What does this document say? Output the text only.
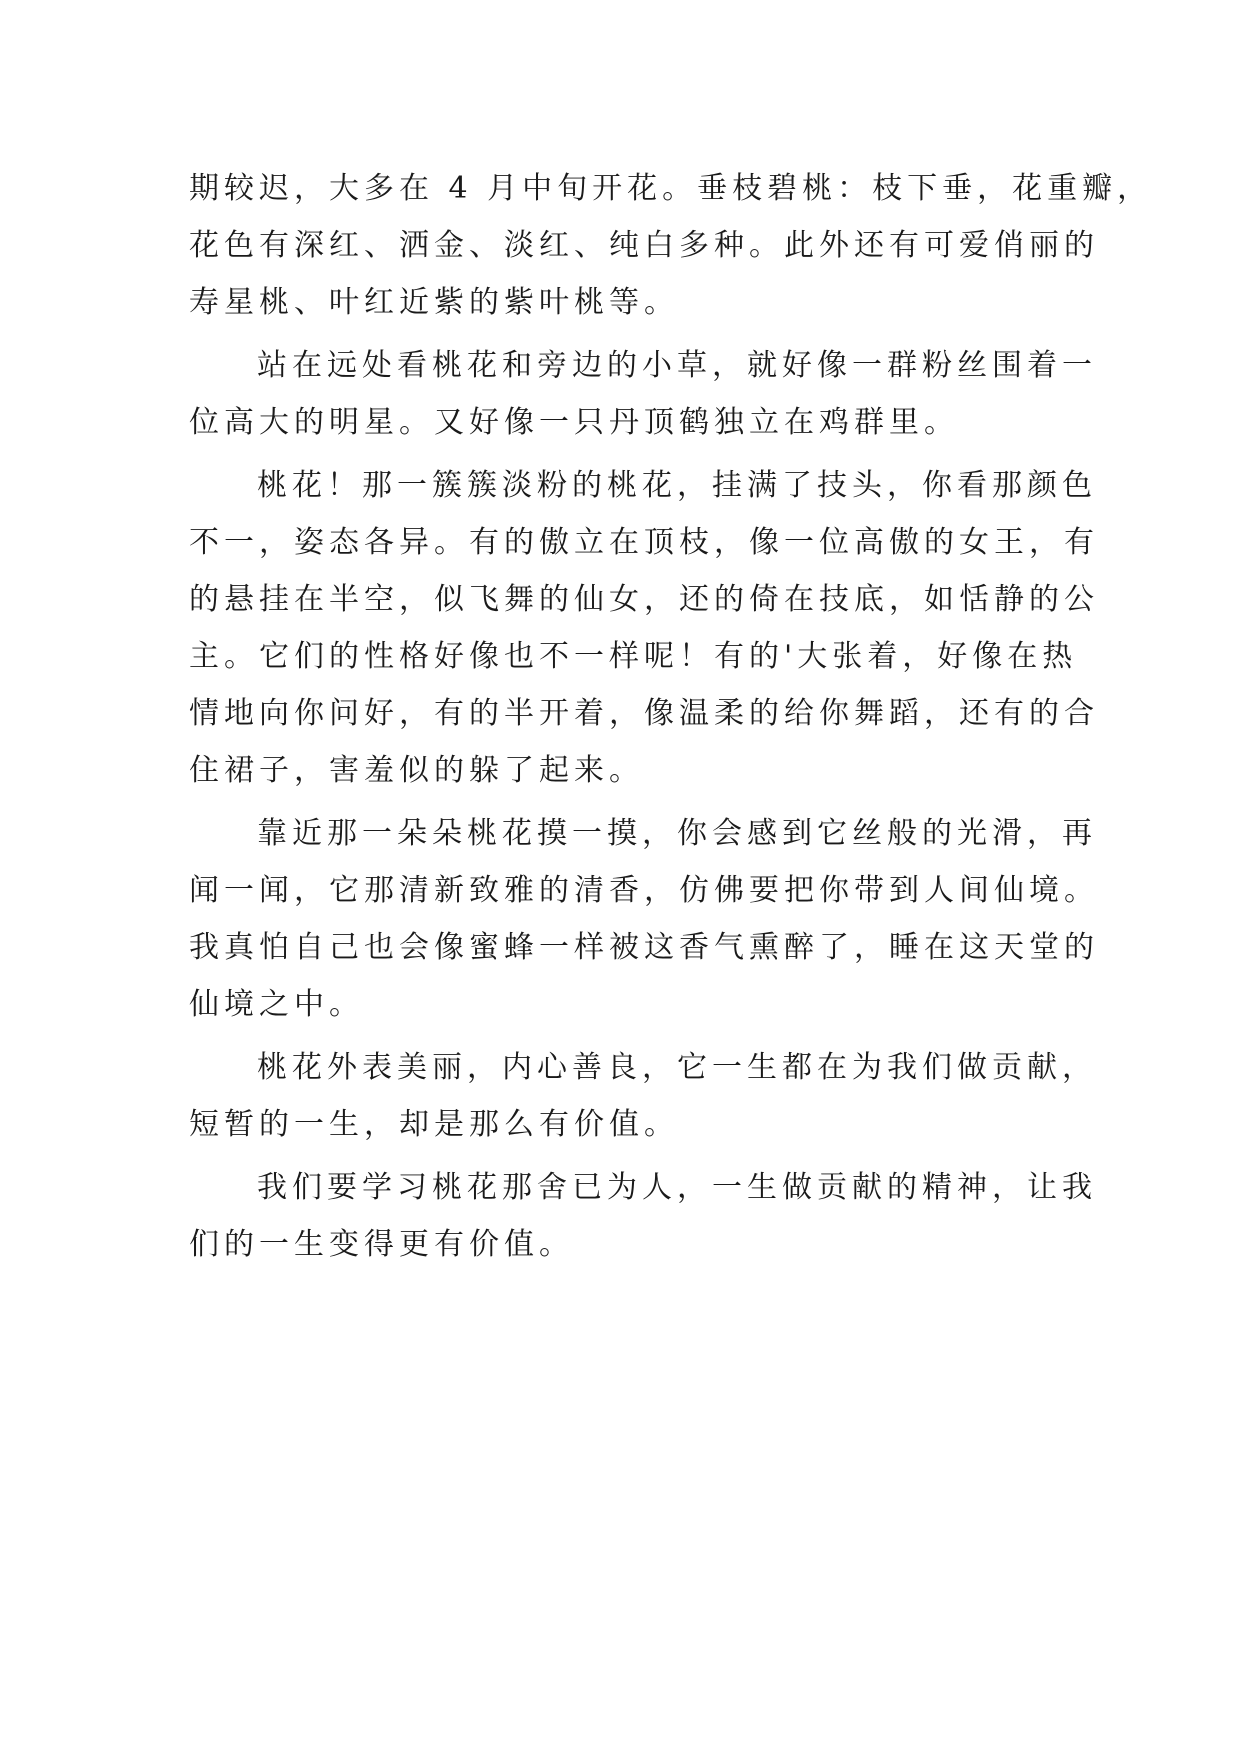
期较迟，大多在 4 月中旬开花。垂枝碧桃：枝下垂，花重瓣，
花色有深红、洒金、淡红、纯白多种。此外还有可爱俏丽的
寿星桃、叶红近紫的紫叶桃等。
站在远处看桃花和旁边的小草，就好像一群粉丝围着一
位高大的明星。又好像一只丹顶鹤独立在鸡群里。
桃花！那一簇簇淡粉的桃花，挂满了技头，你看那颜色
不一，姿态各异。有的傲立在顶枝，像一位高傲的女王，有
的悬挂在半空，似飞舞的仙女，还的倚在技底，如恬静的公
主。它们的性格好像也不一样呢！有的'大张着，好像在热
情地向你问好，有的半开着，像温柔的给你舞蹈，还有的合
住裙子，害羞似的躲了起来。
靠近那一朵朵桃花摸一摸，你会感到它丝般的光滑，再
闻一闻，它那清新致雅的清香，仿佛要把你带到人间仙境。
我真怕自己也会像蜜蜂一样被这香气熏醉了，睡在这天堂的
仙境之中。
桃花外表美丽，内心善良，它一生都在为我们做贡献，
短暂的一生，却是那么有价值。
我们要学习桃花那舍已为人，一生做贡献的精神，让我
们的一生变得更有价值。
